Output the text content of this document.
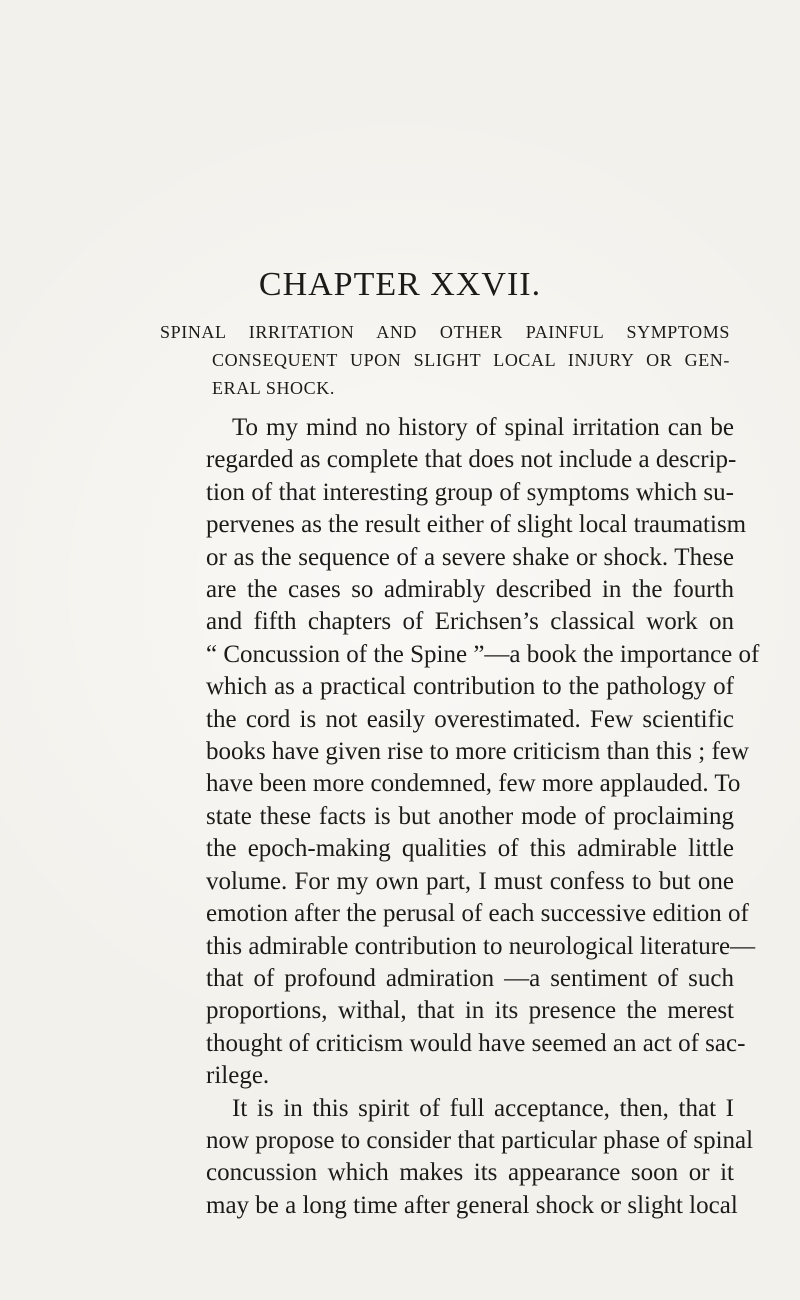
CHAPTER XXVII.
SPINAL IRRITATION AND OTHER PAINFUL SYMPTOMS
CONSEQUENT UPON SLIGHT LOCAL INJURY OR GEN-
ERAL SHOCK.
To my mind no history of spinal irritation can be
regarded as complete that does not include a descrip-
tion of that interesting group of symptoms which su-
pervenes as the result either of slight local traumatism
or as the sequence of a severe shake or shock. These
are the cases so admirably described in the fourth
and fifth chapters of Erichsen’s classical work on
“ Concussion of the Spine ”—a book the importance of
which as a practical contribution to the pathology of
the cord is not easily overestimated. Few scientific
books have given rise to more criticism than this ; few
have been more condemned, few more applauded. To
state these facts is but another mode of proclaiming
the epoch-making qualities of this admirable little
volume. For my own part, I must confess to but one
emotion after the perusal of each successive edition of
this admirable contribution to neurological literature—
that of profound admiration —a sentiment of such
proportions, withal, that in its presence the merest
thought of criticism would have seemed an act of sac-
rilege.
It is in this spirit of full acceptance, then, that I
now propose to consider that particular phase of spinal
concussion which makes its appearance soon or it
may be a long time after general shock or slight local
